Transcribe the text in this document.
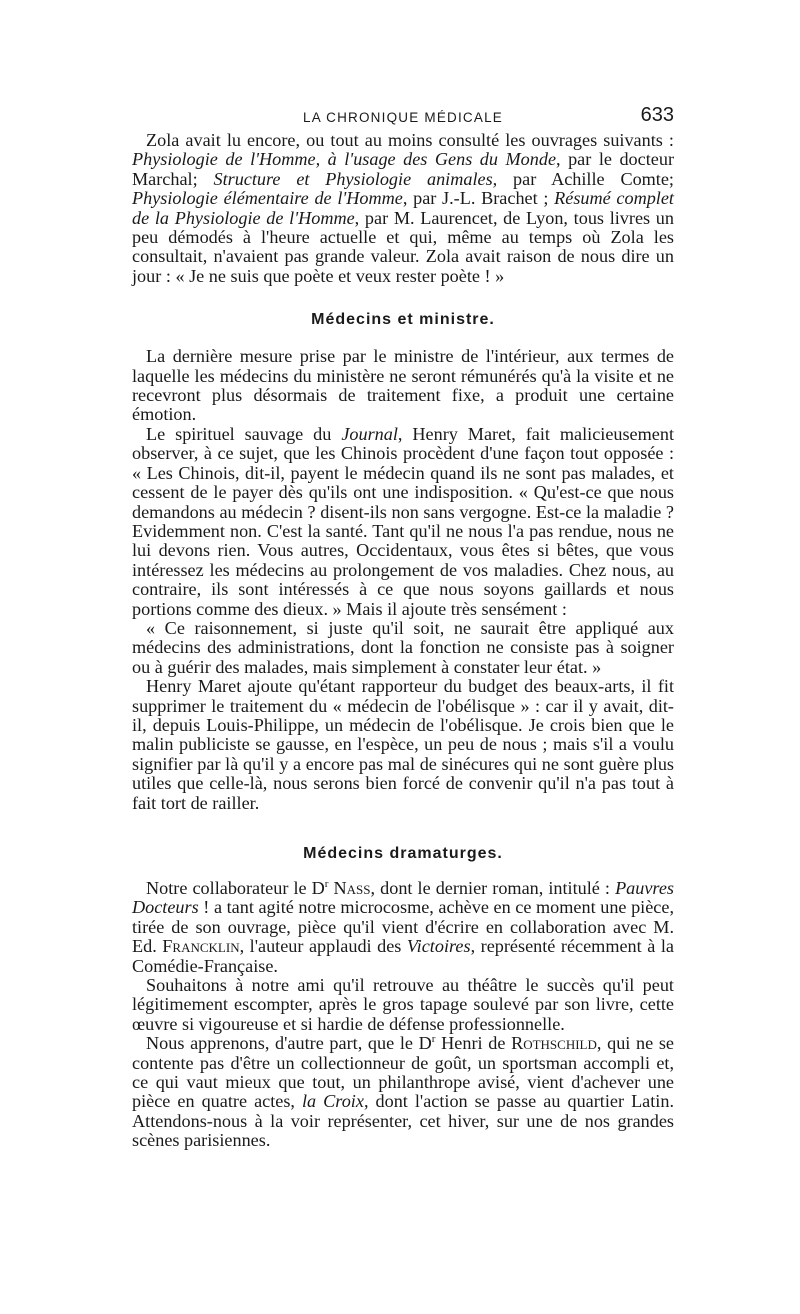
LA CHRONIQUE MÉDICALE	633

Zola avait lu encore, ou tout au moins consulté les ouvrages suivants : Physiologie de l'Homme, à l'usage des Gens du Monde, par le docteur Marchal; Structure et Physiologie animales, par Achille Comte; Physiologie élémentaire de l'Homme, par J.-L. Brachet ; Résumé complet de la Physiologie de l'Homme, par M. Laurencet, de Lyon, tous livres un peu démodés à l'heure actuelle et qui, même au temps où Zola les consultait, n'avaient pas grande valeur. Zola avait raison de nous dire un jour : « Je ne suis que poète et veux rester poète ! »

Médecins et ministre.

La dernière mesure prise par le ministre de l'intérieur, aux termes de laquelle les médecins du ministère ne seront rémunérés qu'à la visite et ne recevront plus désormais de traitement fixe, a produit une certaine émotion.

Le spirituel sauvage du Journal, Henry Maret, fait malicieusement observer, à ce sujet, que les Chinois procèdent d'une façon tout opposée : « Les Chinois, dit-il, payent le médecin quand ils ne sont pas malades, et cessent de le payer dès qu'ils ont une indisposition. « Qu'est-ce que nous demandons au médecin ? disent-ils non sans vergogne. Est-ce la maladie ? Evidemment non. C'est la santé. Tant qu'il ne nous l'a pas rendue, nous ne lui devons rien. Vous autres, Occidentaux, vous êtes si bêtes, que vous intéressez les médecins au prolongement de vos maladies. Chez nous, au contraire, ils sont intéressés à ce que nous soyons gaillards et nous portions comme des dieux. » Mais il ajoute très sensément :

« Ce raisonnement, si juste qu'il soit, ne saurait être appliqué aux médecins des administrations, dont la fonction ne consiste pas à soigner ou à guérir des malades, mais simplement à constater leur état. »

Henry Maret ajoute qu'étant rapporteur du budget des beaux-arts, il fit supprimer le traitement du « médecin de l'obélisque » : car il y avait, dit-il, depuis Louis-Philippe, un médecin de l'obélisque. Je crois bien que le malin publiciste se gausse, en l'espèce, un peu de nous ; mais s'il a voulu signifier par là qu'il y a encore pas mal de sinécures qui ne sont guère plus utiles que celle-là, nous serons bien forcé de convenir qu'il n'a pas tout à fait tort de railler.

Médecins dramaturges.

Notre collaborateur le $D^r$ Nass, dont le dernier roman, intitulé : Pauvres Docteurs ! a tant agité notre microcosme, achève en ce moment une pièce, tirée de son ouvrage, pièce qu'il vient d'écrire en collaboration avec M. Ed. Francklin, l'auteur applaudi des Victoires, représenté récemment à la Comédie-Française.

Souhaitons à notre ami qu'il retrouve au théâtre le succès qu'il peut légitimement escompter, après le gros tapage soulevé par son livre, cette œuvre si vigoureuse et si hardie de défense professionnelle.

Nous apprenons, d'autre part, que le $D^r$ Henri de Rothschild, qui ne se contente pas d'être un collectionneur de goût, un sportsman accompli et, ce qui vaut mieux que tout, un philanthrope avisé, vient d'achever une pièce en quatre actes, la Croix, dont l'action se passe au quartier Latin. Attendons-nous à la voir représenter, cet hiver, sur une de nos grandes scènes parisiennes.
